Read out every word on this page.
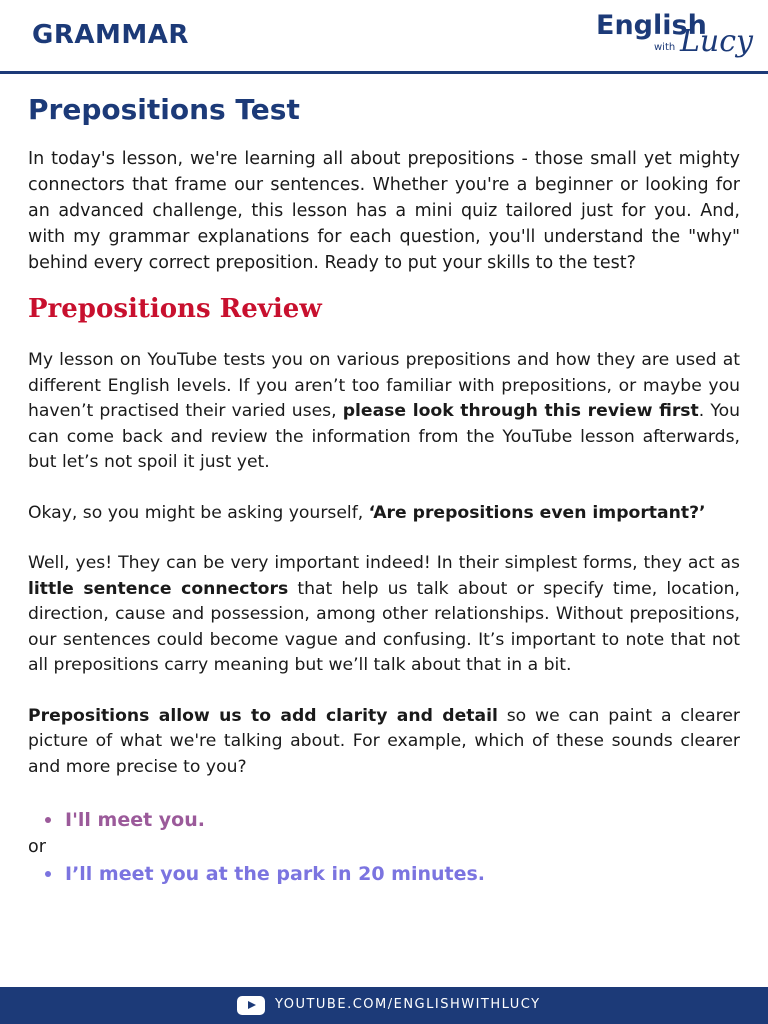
GRAMMAR	English
with Lucy
Prepositions Test

In today's lesson, we're learning all about prepositions - those small yet mighty connectors that frame our sentences. Whether you're a beginner or looking for an advanced challenge, this lesson has a mini quiz tailored just for you. And, with my grammar explanations for each question, you'll understand the "why" behind every correct preposition. Ready to put your skills to the test?

Prepositions Review

My lesson on YouTube tests you on various prepositions and how they are used at different English levels. If you aren’t too familiar with prepositions, or maybe you haven’t practised their varied uses, please look through this review first. You can come back and review the information from the YouTube lesson afterwards, but let’s not spoil it just yet.

Okay, so you might be asking yourself, ‘Are prepositions even important?’

Well, yes! They can be very important indeed! In their simplest forms, they act as little sentence connectors that help us talk about or specify time, location, direction, cause and possession, among other relationships. Without prepositions, our sentences could become vague and confusing. It’s important to note that not all prepositions carry meaning but we’ll talk about that in a bit.

Prepositions allow us to add clarity and detail so we can paint a clearer picture of what we're talking about. For example, which of these sounds clearer and more precise to you?

I'll meet you.
or
I’ll meet you at the park in 20 minutes.
YOUTUBE.COM/ENGLISHWITHLUCY
